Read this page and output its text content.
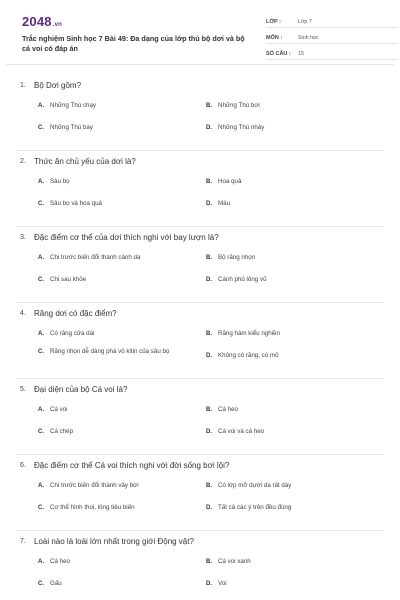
2048.vn
Trắc nghiệm Sinh học 7 Bài 49: Đa dạng của lớp thú bộ dơi và bộ cá voi có đáp án
LỚP :	Lớp 7
MÔN :	Sinh học
SỐ CÂU :	15
1.	Bộ Dơi gồm?
A. Những Thú chạy	B. Những Thú bơi
C. Những Thú bay	D. Những Thú nhảy
2.	Thức ăn chủ yếu của dơi là?
A. Sâu bọ	B. Hoa quả
C. Sâu bọ và hoa quả	D. Máu
3.	Đặc điểm cơ thể của dơi thích nghi với bay lượn là?
A. Chi trước biến đổi thành cánh da	B. Bộ răng nhọn
C. Chi sau khỏe	D. Cánh phủ lông vũ
4.	Răng dơi có đặc điểm?
A. Có răng cửa dài	B. Răng hàm kiểu nghiền
C. Răng nhọn dễ dàng phá vỏ kitin của sâu bọ
D. Không có răng, có mỏ
5.	Đại diện của bộ Cá voi là?
A. Cá voi	B. Cá heo
C. Cá chép	D. Cá voi và cá heo
6.	Đặc điểm cơ thể Cá voi thích nghi với đời sống bơi lội?
A. Chi trước biến đổi thành vây bơi	B. Có lớp mỡ dưới da rất dày
C. Cơ thể hình thoi, lông tiêu biến	D. Tất cả các ý trên đều đúng
7.	Loài nào là loài lớn nhất trong giới Động vật?
A. Cá heo	B. Cá voi xanh
C. Gấu	D. Voi
